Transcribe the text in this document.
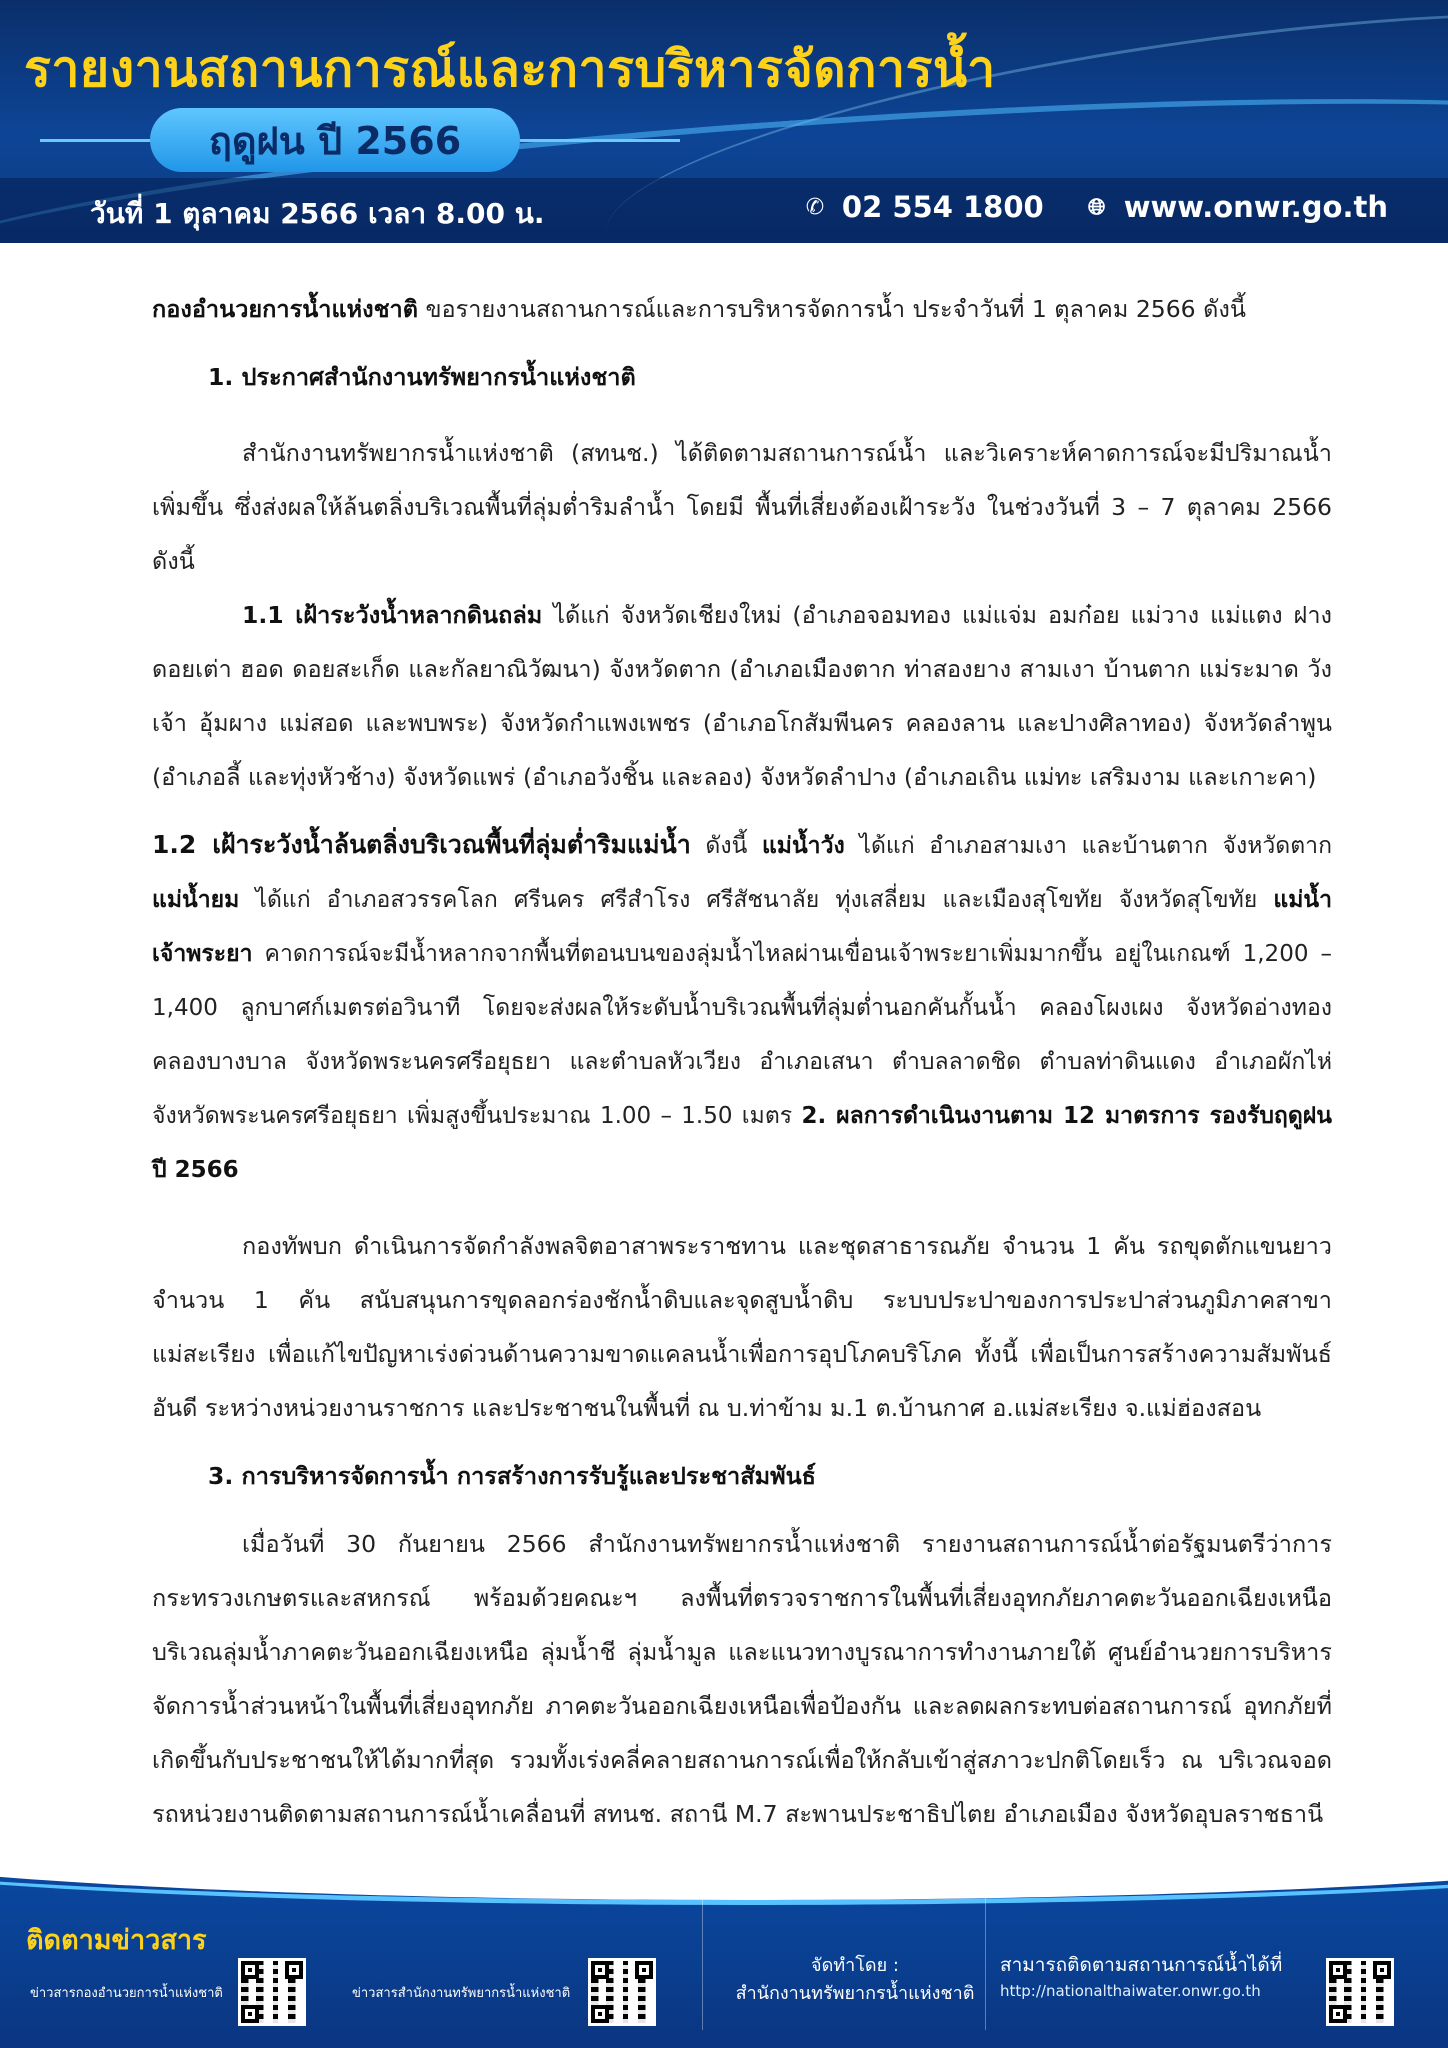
รายงานสถานการณ์และการบริหารจัดการน้ำ
ฤดูฝน ปี 2566
วันที่ 1 ตุลาคม 2566 เวลา 8.00 น.	✆ 02 554 1800 🌐︎ www.onwr.go.th

กองอำนวยการน้ำแห่งชาติ ขอรายงานสถานการณ์และการบริหารจัดการน้ำ ประจำวันที่ 1 ตุลาคม 2566 ดังนี้

1. ประกาศสำนักงานทรัพยากรน้ำแห่งชาติ

สำนักงานทรัพยากรน้ำแห่งชาติ (สทนช.) ได้ติดตามสถานการณ์น้ำ และวิเคราะห์คาดการณ์จะมีปริมาณน้ำเพิ่มขึ้น ซึ่งส่งผลให้ล้นตลิ่งบริเวณพื้นที่ลุ่มต่ำริมลำน้ำ โดยมี พื้นที่เสี่ยงต้องเฝ้าระวัง ในช่วงวันที่ 3 – 7 ตุลาคม 2566 ดังนี้

1.1 เฝ้าระวังน้ำหลากดินถล่ม ได้แก่ จังหวัดเชียงใหม่ (อำเภอจอมทอง แม่แจ่ม อมก๋อย แม่วาง แม่แตง ฝาง ดอยเต่า ฮอด ดอยสะเก็ด และกัลยาณิวัฒนา) จังหวัดตาก (อำเภอเมืองตาก ท่าสองยาง สามเงา บ้านตาก แม่ระมาด วังเจ้า อุ้มผาง แม่สอด และพบพระ) จังหวัดกำแพงเพชร (อำเภอโกสัมพีนคร คลองลาน และปางศิลาทอง) จังหวัดลำพูน (อำเภอลี้ และทุ่งหัวช้าง) จังหวัดแพร่ (อำเภอวังชิ้น และลอง) จังหวัดลำปาง (อำเภอเถิน แม่ทะ เสริมงาม และเกาะคา)

1.2 เฝ้าระวังน้ำล้นตลิ่งบริเวณพื้นที่ลุ่มต่ำริมแม่น้ำ ดังนี้ แม่น้ำวัง ได้แก่ อำเภอสามเงา และบ้านตาก จังหวัดตาก แม่น้ำยม ได้แก่ อำเภอสวรรคโลก ศรีนคร ศรีสำโรง ศรีสัชนาลัย ทุ่งเสลี่ยม และเมืองสุโขทัย จังหวัดสุโขทัย แม่น้ำเจ้าพระยา คาดการณ์จะมีน้ำหลากจากพื้นที่ตอนบนของลุ่มน้ำไหลผ่านเขื่อนเจ้าพระยาเพิ่มมากขึ้น อยู่ในเกณฑ์ 1,200 – 1,400 ลูกบาศก์เมตรต่อวินาที โดยจะส่งผลให้ระดับน้ำบริเวณพื้นที่ลุ่มต่ำนอกคันกั้นน้ำ คลองโผงเผง จังหวัดอ่างทอง คลองบางบาล จังหวัดพระนครศรีอยุธยา และตำบลหัวเวียง อำเภอเสนา ตำบลลาดชิด ตำบลท่าดินแดง อำเภอผักไห่ จังหวัดพระนครศรีอยุธยา เพิ่มสูงขึ้นประมาณ 1.00 – 1.50 เมตร 2. ผลการดำเนินงานตาม 12 มาตรการ รองรับฤดูฝน ปี 2566

กองทัพบก ดำเนินการจัดกำลังพลจิตอาสาพระราชทาน และชุดสาธารณภัย จำนวน 1 คัน รถขุดตักแขนยาว จำนวน 1 คัน สนับสนุนการขุดลอกร่องชักน้ำดิบและจุดสูบน้ำดิบ ระบบประปาของการประปาส่วนภูมิภาคสาขาแม่สะเรียง เพื่อแก้ไขปัญหาเร่งด่วนด้านความขาดแคลนน้ำเพื่อการอุปโภคบริโภค ทั้งนี้ เพื่อเป็นการสร้างความสัมพันธ์อันดี ระหว่างหน่วยงานราชการ และประชาชนในพื้นที่ ณ บ.ท่าข้าม ม.1 ต.บ้านกาศ อ.แม่สะเรียง จ.แม่ฮ่องสอน

3. การบริหารจัดการน้ำ การสร้างการรับรู้และประชาสัมพันธ์

เมื่อวันที่ 30 กันยายน 2566 สำนักงานทรัพยากรน้ำแห่งชาติ รายงานสถานการณ์น้ำต่อรัฐมนตรีว่าการ กระทรวงเกษตรและสหกรณ์ พร้อมด้วยคณะฯ ลงพื้นที่ตรวจราชการในพื้นที่เสี่ยงอุทกภัยภาคตะวันออกเฉียงเหนือ บริเวณลุ่มน้ำภาคตะวันออกเฉียงเหนือ ลุ่มน้ำชี ลุ่มน้ำมูล และแนวทางบูรณาการทำงานภายใต้ ศูนย์อำนวยการบริหาร จัดการน้ำส่วนหน้าในพื้นที่เสี่ยงอุทกภัย ภาคตะวันออกเฉียงเหนือเพื่อป้องกัน และลดผลกระทบต่อสถานการณ์ อุทกภัยที่เกิดขึ้นกับประชาชนให้ได้มากที่สุด รวมทั้งเร่งคลี่คลายสถานการณ์เพื่อให้กลับเข้าสู่สภาวะปกติโดยเร็ว ณ บริเวณจอดรถหน่วยงานติดตามสถานการณ์น้ำเคลื่อนที่ สทนช. สถานี M.7 สะพานประชาธิปไตย อำเภอเมือง จังหวัดอุบลราชธานี

ติดตามข่าวสาร
ข่าวสารกองอำนวยการน้ำแห่งชาติ	ข่าวสารสำนักงานทรัพยากรน้ำแห่งชาติ
จัดทำโดย :
สำนักงานทรัพยากรน้ำแห่งชาติ
สามารถติดตามสถานการณ์น้ำได้ที่
http://nationalthaiwater.onwr.go.th
